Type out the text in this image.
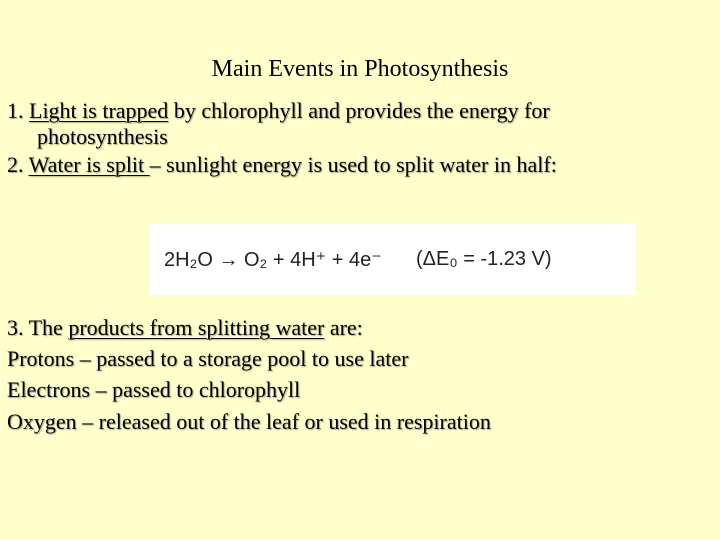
Main Events in Photosynthesis
1. Light is trapped by chlorophyll and provides the energy for
photosynthesis
2. Water is split – sunlight energy is used to split water in half:
2H₂O → O₂ + 4H⁺ + 4e⁻ (ΔE₀ = -1.23 V)
3. The products from splitting water are:
Protons – passed to a storage pool to use later
Electrons – passed to chlorophyll
Oxygen – released out of the leaf or used in respiration
